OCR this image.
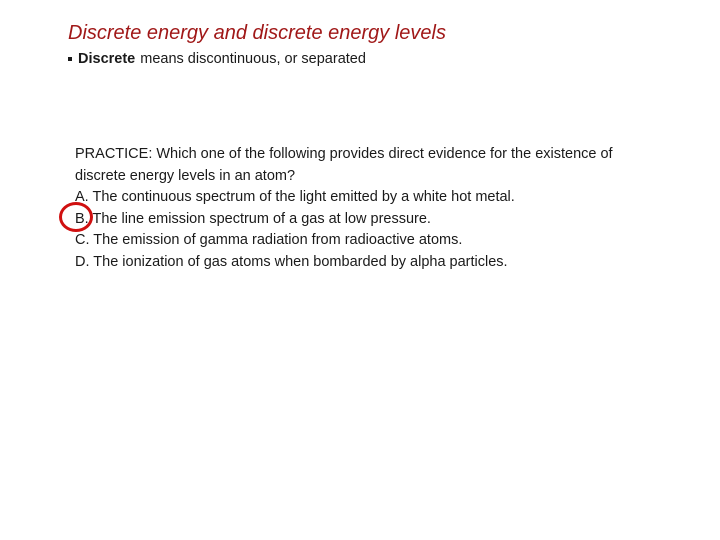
Discrete energy and discrete energy levels
Discrete means discontinuous, or separated
PRACTICE: Which one of the following provides direct evidence for the existence of
discrete energy levels in an atom?
A. The continuous spectrum of the light emitted by a white hot metal.
B. The line emission spectrum of a gas at low pressure.
C. The emission of gamma radiation from radioactive atoms.
D. The ionization of gas atoms when bombarded by alpha particles.
